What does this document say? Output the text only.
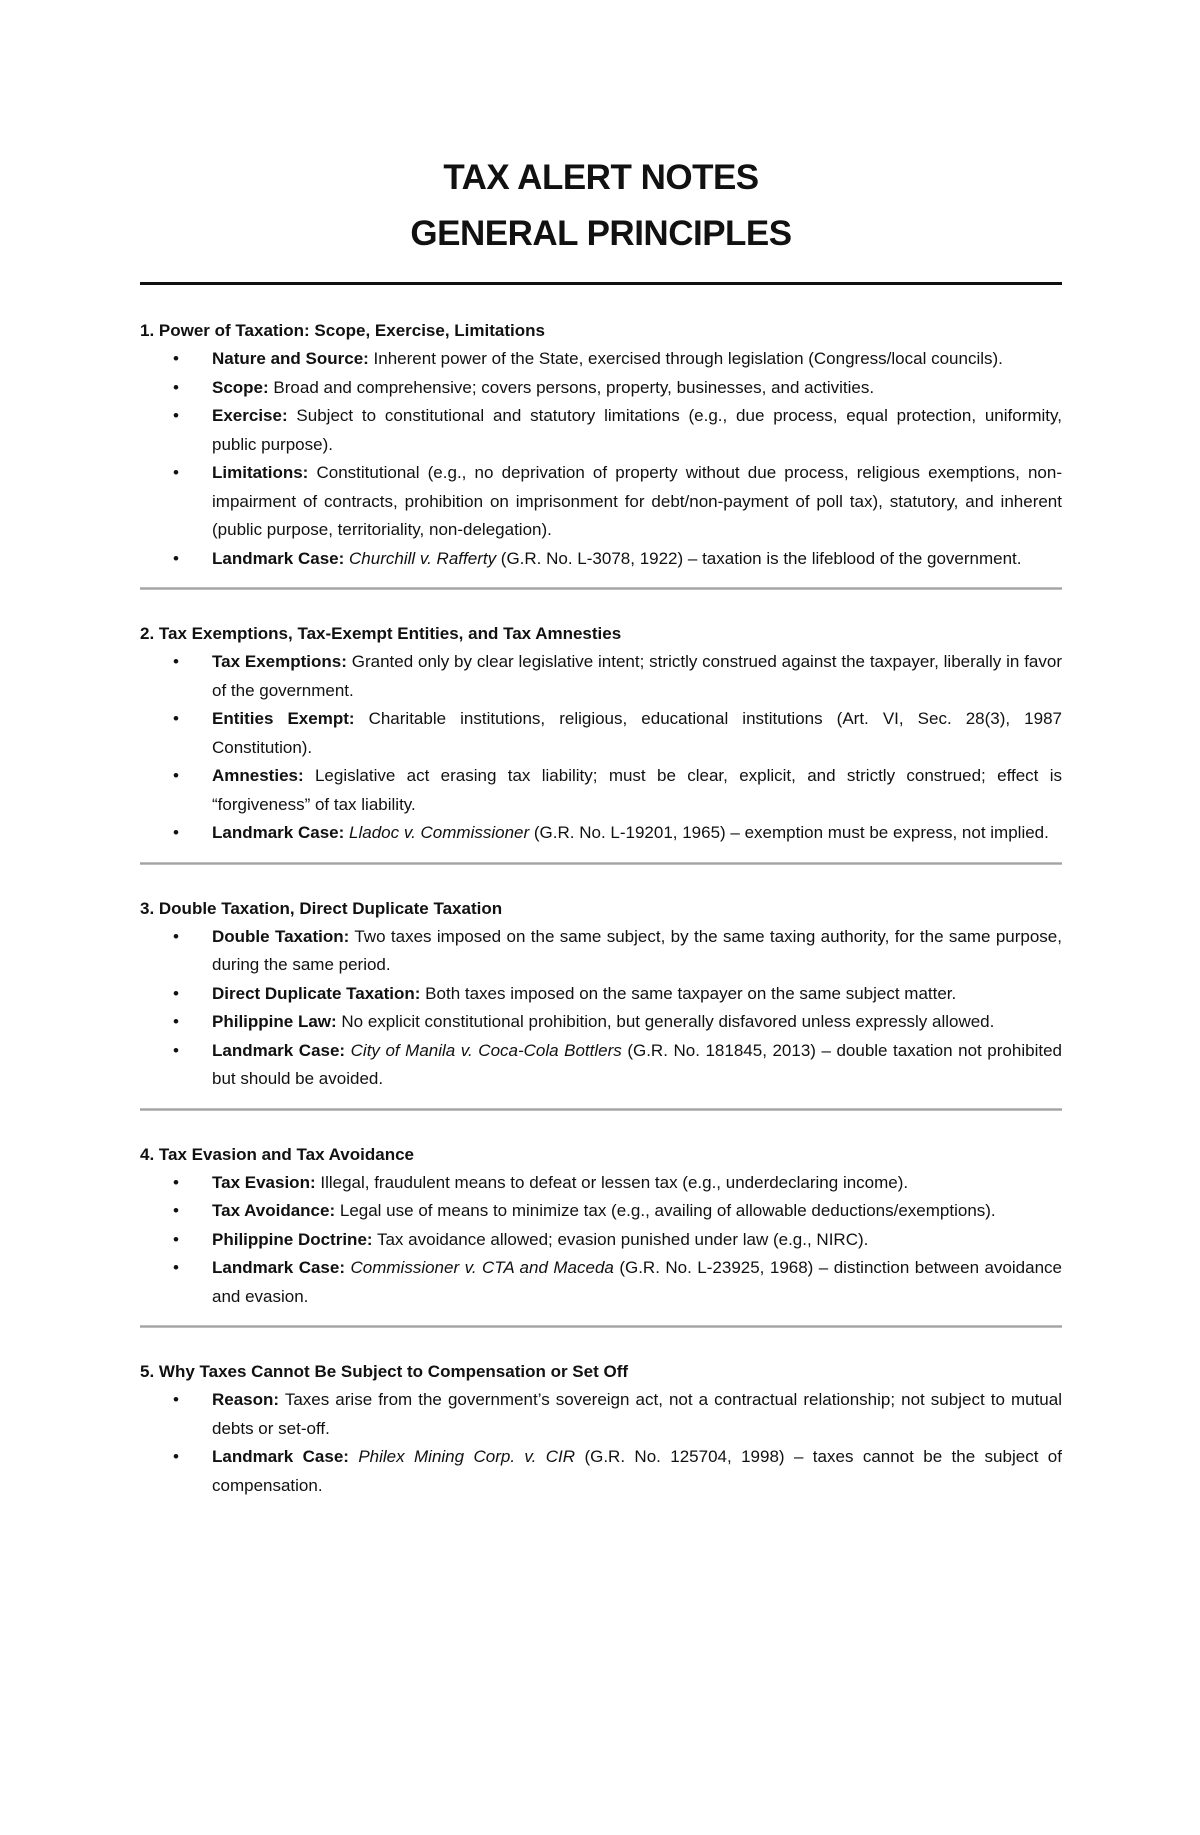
TAX ALERT NOTES
GENERAL PRINCIPLES

1. Power of Taxation: Scope, Exercise, Limitations

• Nature and Source: Inherent power of the State, exercised through legislation (Congress/local councils).
• Scope: Broad and comprehensive; covers persons, property, businesses, and activities.
• Exercise: Subject to constitutional and statutory limitations (e.g., due process, equal protection, uniformity, public purpose).
• Limitations: Constitutional (e.g., no deprivation of property without due process, religious exemptions, non-impairment of contracts, prohibition on imprisonment for debt/non-payment of poll tax), statutory, and inherent (public purpose, territoriality, non-delegation).
• Landmark Case: Churchill v. Rafferty (G.R. No. L-3078, 1922) – taxation is the lifeblood of the government.

2. Tax Exemptions, Tax-Exempt Entities, and Tax Amnesties

• Tax Exemptions: Granted only by clear legislative intent; strictly construed against the taxpayer, liberally in favor of the government.
• Entities Exempt: Charitable institutions, religious, educational institutions (Art. VI, Sec. 28(3), 1987 Constitution).
• Amnesties: Legislative act erasing tax liability; must be clear, explicit, and strictly construed; effect is “forgiveness” of tax liability.
• Landmark Case: Lladoc v. Commissioner (G.R. No. L-19201, 1965) – exemption must be express, not implied.

3. Double Taxation, Direct Duplicate Taxation

• Double Taxation: Two taxes imposed on the same subject, by the same taxing authority, for the same purpose, during the same period.
• Direct Duplicate Taxation: Both taxes imposed on the same taxpayer on the same subject matter.
• Philippine Law: No explicit constitutional prohibition, but generally disfavored unless expressly allowed.
• Landmark Case: City of Manila v. Coca-Cola Bottlers (G.R. No. 181845, 2013) – double taxation not prohibited but should be avoided.

4. Tax Evasion and Tax Avoidance

• Tax Evasion: Illegal, fraudulent means to defeat or lessen tax (e.g., underdeclaring income).
• Tax Avoidance: Legal use of means to minimize tax (e.g., availing of allowable deductions/exemptions).
• Philippine Doctrine: Tax avoidance allowed; evasion punished under law (e.g., NIRC).
• Landmark Case: Commissioner v. CTA and Maceda (G.R. No. L-23925, 1968) – distinction between avoidance and evasion.

5. Why Taxes Cannot Be Subject to Compensation or Set Off

• Reason: Taxes arise from the government’s sovereign act, not a contractual relationship; not subject to mutual debts or set-off.
• Landmark Case: Philex Mining Corp. v. CIR (G.R. No. 125704, 1998) – taxes cannot be the subject of compensation.
